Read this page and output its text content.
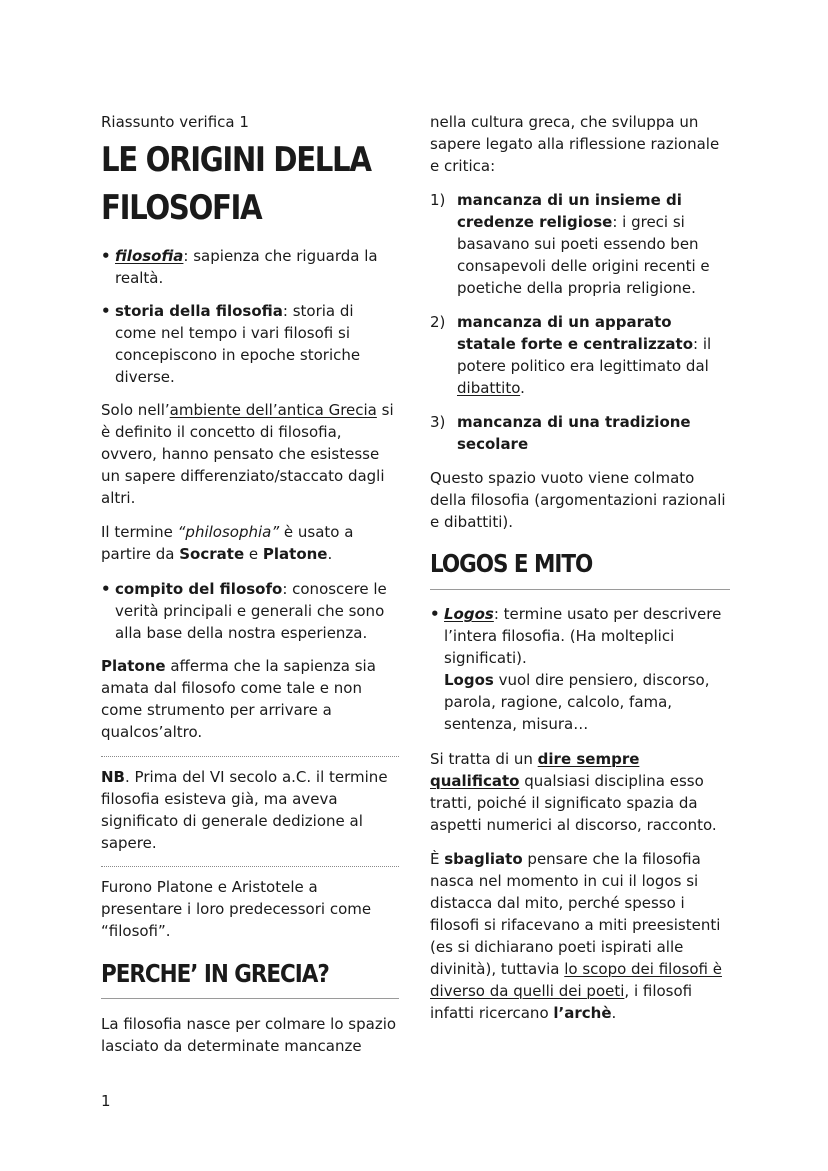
Riassunto verifica 1

LE ORIGINI DELLA
FILOSOFIA

• filosofia: sapienza che riguarda la realtà.

• storia della filosofia: storia di come nel tempo i vari filosofi si concepiscono in epoche storiche diverse.

Solo nell’ambiente dell’antica Grecia si è definito il concetto di filosofia, ovvero, hanno pensato che esistesse un sapere differenziato/staccato dagli altri.

Il termine “philosophia” è usato a partire da Socrate e Platone.

• compito del filosofo: conoscere le verità principali e generali che sono alla base della nostra esperienza.

Platone afferma che la sapienza sia amata dal filosofo come tale e non come strumento per arrivare a qualcos’altro.

NB. Prima del VI secolo a.C. il termine filosofia esisteva già, ma aveva significato di generale dedizione al sapere.

Furono Platone e Aristotele a presentare i loro predecessori come “filosofi”.

PERCHE’ IN GRECIA?

La filosofia nasce per colmare lo spazio lasciato da determinate mancanze

nella cultura greca, che sviluppa un sapere legato alla riflessione razionale e critica:

1) mancanza di un insieme di credenze religiose: i greci si basavano sui poeti essendo ben consapevoli delle origini recenti e poetiche della propria religione.

2) mancanza di un apparato statale forte e centralizzato: il potere politico era legittimato dal dibattito.

3) mancanza di una tradizione secolare

Questo spazio vuoto viene colmato della filosofia (argomentazioni razionali e dibattiti).

LOGOS E MITO

• Logos: termine usato per descrivere l’intera filosofia. (Ha molteplici significati).
Logos vuol dire pensiero, discorso, parola, ragione, calcolo, fama, sentenza, misura…

Si tratta di un dire sempre qualificato qualsiasi disciplina esso tratti, poiché il significato spazia da aspetti numerici al discorso, racconto.

È sbagliato pensare che la filosofia nasca nel momento in cui il logos si distacca dal mito, perché spesso i filosofi si rifacevano a miti preesistenti (es si dichiarano poeti ispirati alle divinità), tuttavia lo scopo dei filosofi è diverso da quelli dei poeti, i filosofi infatti ricercano l’archè.

1
